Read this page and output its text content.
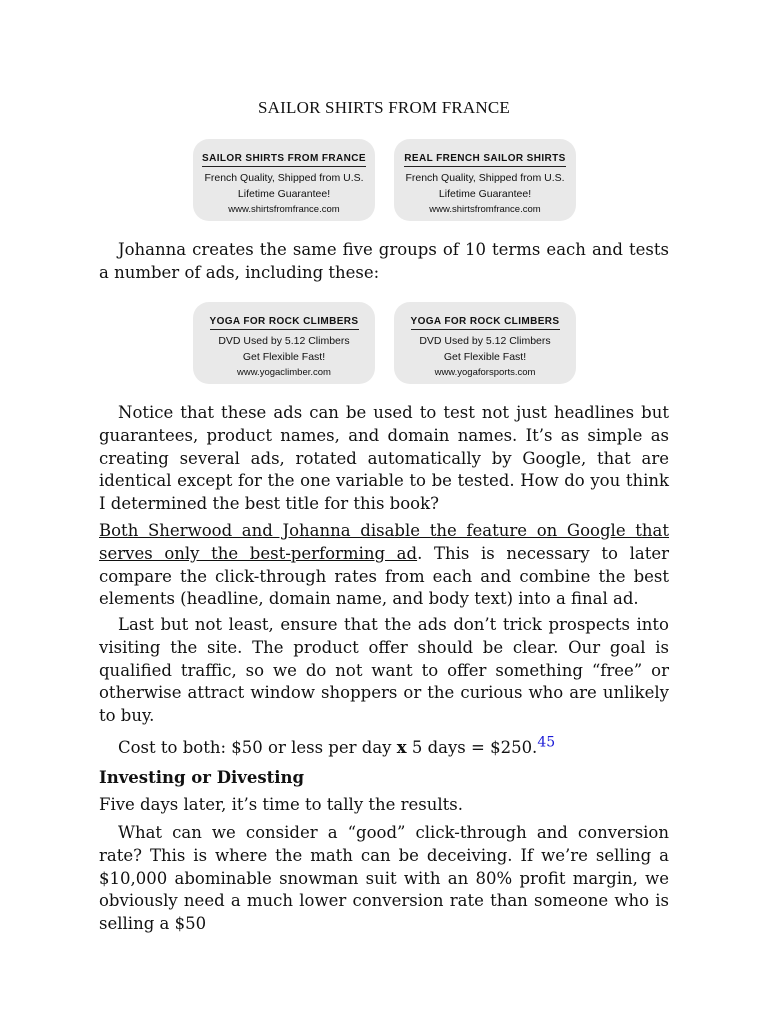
SAILOR SHIRTS FROM FRANCE
SAILOR SHIRTS FROM FRANCE
French Quality, Shipped from U.S.
Lifetime Guarantee!
www.shirtsfromfrance.com
REAL FRENCH SAILOR SHIRTS
French Quality, Shipped from U.S.
Lifetime Guarantee!
www.shirtsfromfrance.com
Johanna creates the same five groups of 10 terms each and tests a number of ads, including these:
YOGA FOR ROCK CLIMBERS
DVD Used by 5.12 Climbers
Get Flexible Fast!
www.yogaclimber.com
YOGA FOR ROCK CLIMBERS
DVD Used by 5.12 Climbers
Get Flexible Fast!
www.yogaforsports.com
Notice that these ads can be used to test not just headlines but guarantees, product names, and domain names. It’s as simple as creating several ads, rotated automatically by Google, that are identical except for the one variable to be tested. How do you think I determined the best title for this book?
Both Sherwood and Johanna disable the feature on Google that serves only the best-performing ad. This is necessary to later compare the click-through rates from each and combine the best elements (headline, domain name, and body text) into a final ad.
Last but not least, ensure that the ads don’t trick prospects into visiting the site. The product offer should be clear. Our goal is qualified traffic, so we do not want to offer something “free” or otherwise attract window shoppers or the curious who are unlikely to buy.
Cost to both: $50 or less per day x 5 days = $250.45
Investing or Divesting
Five days later, it’s time to tally the results.
What can we consider a “good” click-through and conversion rate? This is where the math can be deceiving. If we’re selling a $10,000 abominable snowman suit with an 80% profit margin, we obviously need a much lower conversion rate than someone who is selling a $50
